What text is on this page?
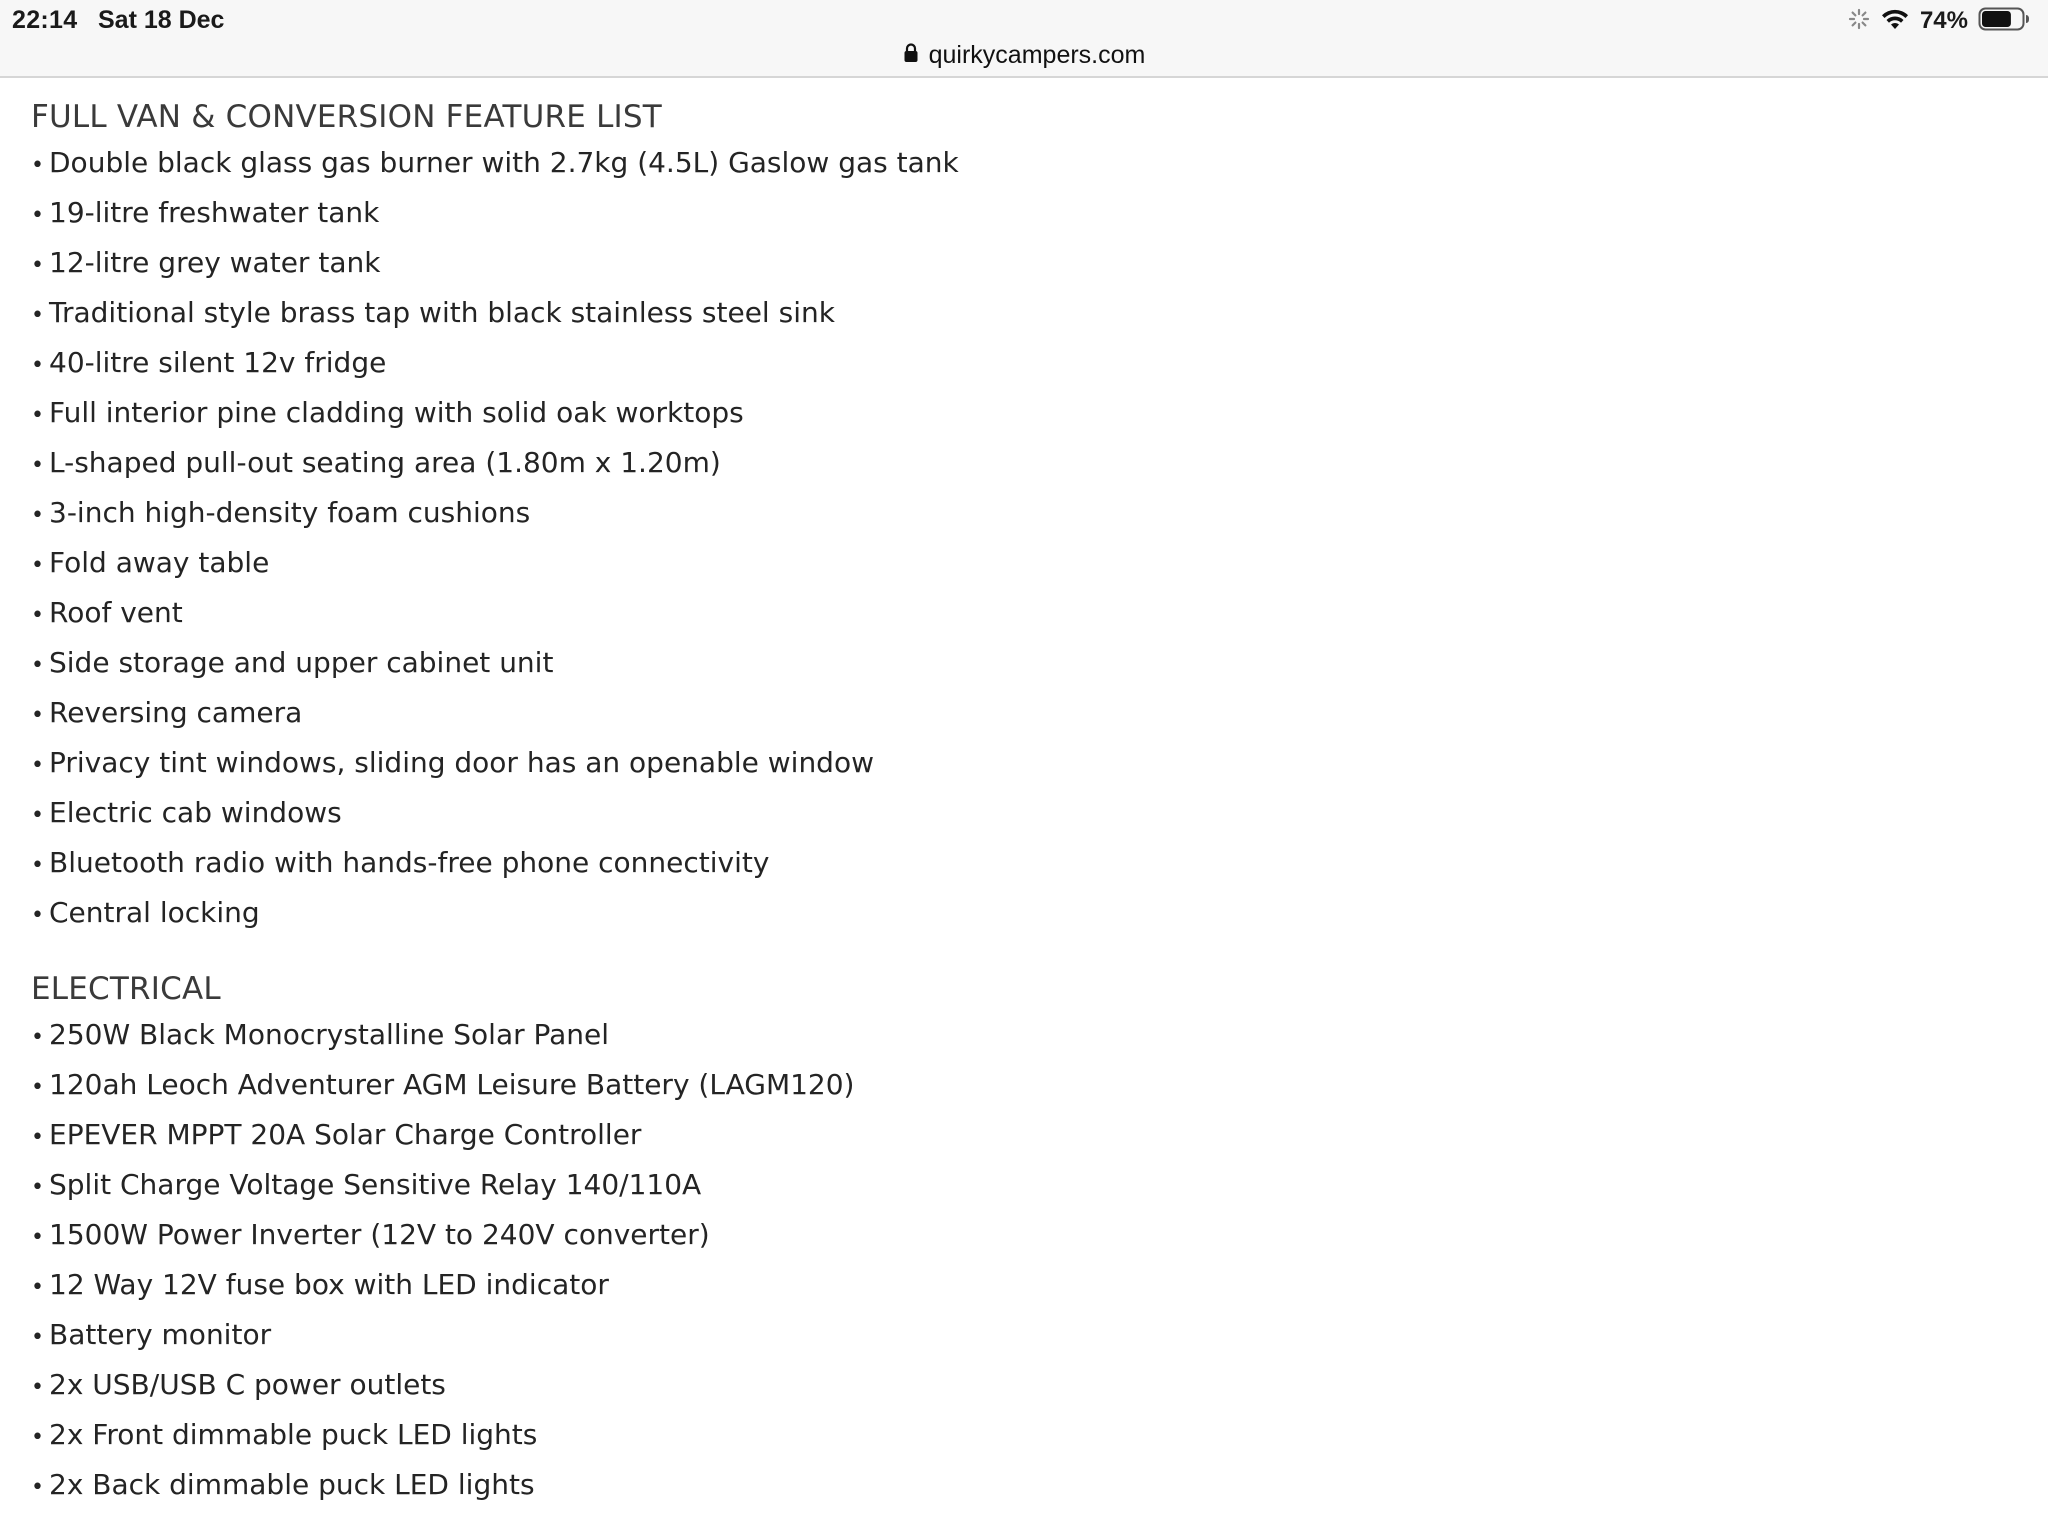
22:14 Sat 18 Dec	74%
quirkycampers.com
FULL VAN & CONVERSION FEATURE LIST
• Double black glass gas burner with 2.7kg (4.5L) Gaslow gas tank
• 19-litre freshwater tank
• 12-litre grey water tank
• Traditional style brass tap with black stainless steel sink
• 40-litre silent 12v fridge
• Full interior pine cladding with solid oak worktops
• L-shaped pull-out seating area (1.80m x 1.20m)
• 3-inch high-density foam cushions
• Fold away table
• Roof vent
• Side storage and upper cabinet unit
• Reversing camera
• Privacy tint windows, sliding door has an openable window
• Electric cab windows
• Bluetooth radio with hands-free phone connectivity
• Central locking
ELECTRICAL
• 250W Black Monocrystalline Solar Panel
• 120ah Leoch Adventurer AGM Leisure Battery (LAGM120)
• EPEVER MPPT 20A Solar Charge Controller
• Split Charge Voltage Sensitive Relay 140/110A
• 1500W Power Inverter (12V to 240V converter)
• 12 Way 12V fuse box with LED indicator
• Battery monitor
• 2x USB/USB C power outlets
• 2x Front dimmable puck LED lights
• 2x Back dimmable puck LED lights
